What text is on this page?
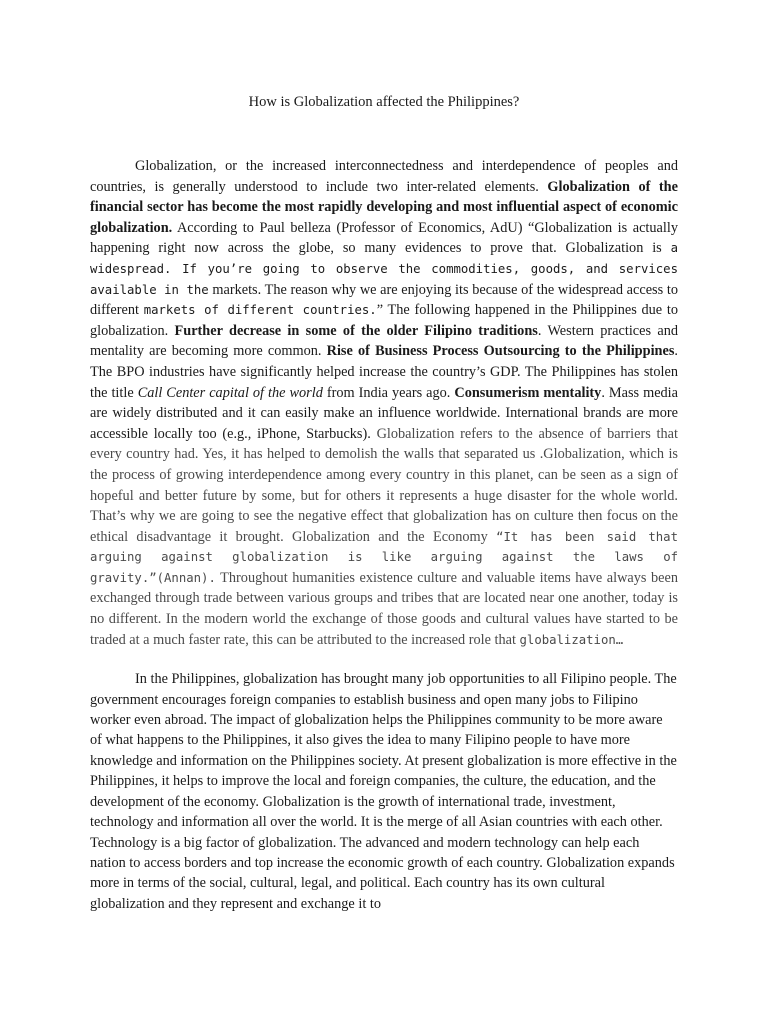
How is Globalization affected the Philippines?

Globalization, or the increased interconnectedness and interdependence of peoples and countries, is generally understood to include two inter-related elements. Globalization of the financial sector has become the most rapidly developing and most influential aspect of economic globalization. According to Paul belleza (Professor of Economics, AdU) “Globalization is actually happening right now across the globe, so many evidences to prove that. Globalization is a widespread. If you’re going to observe the commodities, goods, and services available in the markets. The reason why we are enjoying its because of the widespread access to different markets of different countries.” The following happened in the Philippines due to globalization. Further decrease in some of the older Filipino traditions. Western practices and mentality are becoming more common. Rise of Business Process Outsourcing to the Philippines. The BPO industries have significantly helped increase the country’s GDP. The Philippines has stolen the title Call Center capital of the world from India years ago. Consumerism mentality. Mass media are widely distributed and it can easily make an influence worldwide. International brands are more accessible locally too (e.g., iPhone, Starbucks). Globalization refers to the absence of barriers that every country had. Yes, it has helped to demolish the walls that separated us .Globalization, which is the process of growing interdependence among every country in this planet, can be seen as a sign of hopeful and better future by some, but for others it represents a huge disaster for the whole world. That’s why we are going to see the negative effect that globalization has on culture then focus on the ethical disadvantage it brought. Globalization and the Economy “It has been said that arguing against globalization is like arguing against the laws of gravity.”(Annan). Throughout humanities existence culture and valuable items have always been exchanged through trade between various groups and tribes that are located near one another, today is no different. In the modern world the exchange of those goods and cultural values have started to be traded at a much faster rate, this can be attributed to the increased role that globalization…

In the Philippines, globalization has brought many job opportunities to all Filipino people. The government encourages foreign companies to establish business and open many jobs to Filipino worker even abroad. The impact of globalization helps the Philippines community to be more aware of what happens to the Philippines, it also gives the idea to many Filipino people to have more knowledge and information on the Philippines society. At present globalization is more effective in the Philippines, it helps to improve the local and foreign companies, the culture, the education, and the development of the economy. Globalization is the growth of international trade, investment, technology and information all over the world. It is the merge of all Asian countries with each other. Technology is a big factor of globalization. The advanced and modern technology can help each nation to access borders and top increase the economic growth of each country. Globalization expands more in terms of the social, cultural, legal, and political. Each country has its own cultural globalization and they represent and exchange it to
